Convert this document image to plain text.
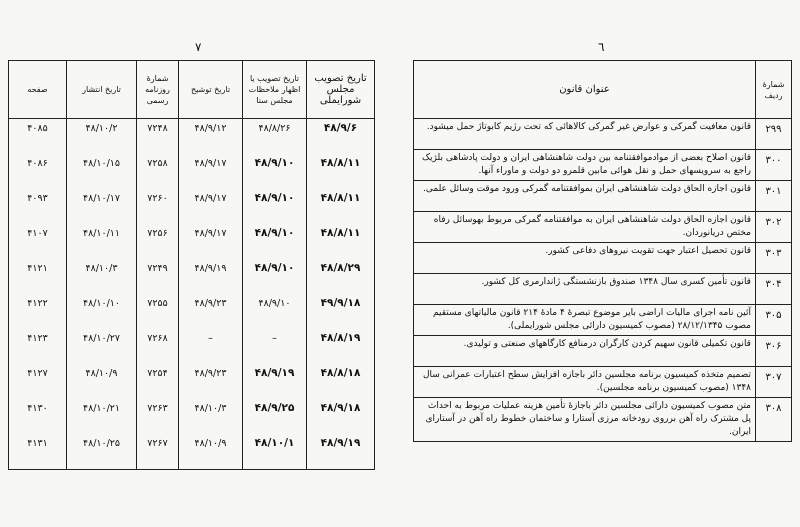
٧
تاریخ تصویب مجلس شورایملی	تاریخ تصویب یا اظهار ملاحظات مجلس سنا	تاریخ توشیح	شمارهٔ روزنامه رسمی	تاریخ انتشار	صفحه
۴۸/۹/۶	۴۸/۸/۲۶	۴۸/۹/۱۲	۷۲۴۸	۴۸/۱۰/۲	۴۰۸۵
۴۸/۸/۱۱	۴۸/۹/۱۰	۴۸/۹/۱۷	۷۲۵۸	۴۸/۱۰/۱۵	۴۰۸۶
۴۸/۸/۱۱	۴۸/۹/۱۰	۴۸/۹/۱۷	۷۲۶۰	۴۸/۱۰/۱۷	۴۰۹۳
۴۸/۸/۱۱	۴۸/۹/۱۰	۴۸/۹/۱۷	۷۲۵۶	۴۸/۱۰/۱۱	۴۱۰۷
۴۸/۸/۲۹	۴۸/۹/۱۰	۴۸/۹/۱۹	۷۲۴۹	۴۸/۱۰/۳	۴۱۲۱
۴۹/۹/۱۸	۴۸/۹/۱۰	۴۸/۹/۲۳	۷۲۵۵	۴۸/۱۰/۱۰	۴۱۲۲
۴۸/۸/۱۹	–	–	۷۲۶۸	۴۸/۱۰/۲۷	۴۱۲۳
۴۸/۸/۱۸	۴۸/۹/۱۹	۴۸/۹/۲۳	۷۲۵۴	۴۸/۱۰/۹	۴۱۲۷
۴۸/۹/۱۸	۴۸/۹/۲۵	۴۸/۱۰/۳	۷۲۶۳	۴۸/۱۰/۲۱	۴۱۳۰
۴۸/۹/۱۹	۴۸/۱۰/۱	۴۸/۱۰/۹	۷۲۶۷	۴۸/۱۰/۲۵	۴۱۳۱
٦
شمارهٔ ردیف	عنوان قانون
۲۹۹	قانون معافیت گمرکی و عوارض غیر گمرکی کالاهائی که تحت رژیم کابوتاژ حمل میشود.
۳۰۰	قانون اصلاح بعضی از موادموافقتنامه بین دولت شاهنشاهی ایران و دولت پادشاهی بلژیک راجع به سرویسهای حمل و نقل هوائی مابین قلمرو دو دولت و ماوراء آنها.
۳۰۱	قانون اجازه الحاق دولت شاهنشاهی ایران بموافقتنامه گمرکی ورود موقت وسائل علمی.
۳۰۲	قانون اجازه الحاق دولت شاهنشاهی ایران به موافقتنامه گمرکی مربوط بهوسائل رفاه مختص دریانوردان.
۳۰۳	قانون تحصیل اعتبار جهت تقویت نیروهای دفاعی کشور.
۳۰۴	قانون تأمین کسری سال ۱۳۴۸ صندوق بازنشستگی ژاندارمری کل کشور.
۳۰۵	آئین نامه اجرای مالیات اراضی بایر موضوع تبصرهٔ ۴ مادهٔ ۲۱۴ قانون مالیاتهای مستقیم مصوب ۲۸/۱۲/۱۳۴۵ (مصوب کمیسیون دارائی مجلس شورایملی).
۳۰۶	قانون تکمیلی قانون سهیم کردن کارگران درمنافع کارگاههای صنعتی و تولیدی.
۳۰۷	تصمیم متخذه کمیسیون برنامه مجلسین دائر باجازه افزایش سطح اعتبارات عمرانی سال ۱۳۴۸ (مصوب کمیسیون برنامه مجلسین).
۳۰۸	متن مصوب کمیسیون دارائی مجلسین دائر باجازهٔ تأمین هزینه عملیات مربوط به احداث پل مشترک راه آهن برروی رودخانه مرزی آستارا و ساختمان خطوط راه آهن در آستارای ایران.
